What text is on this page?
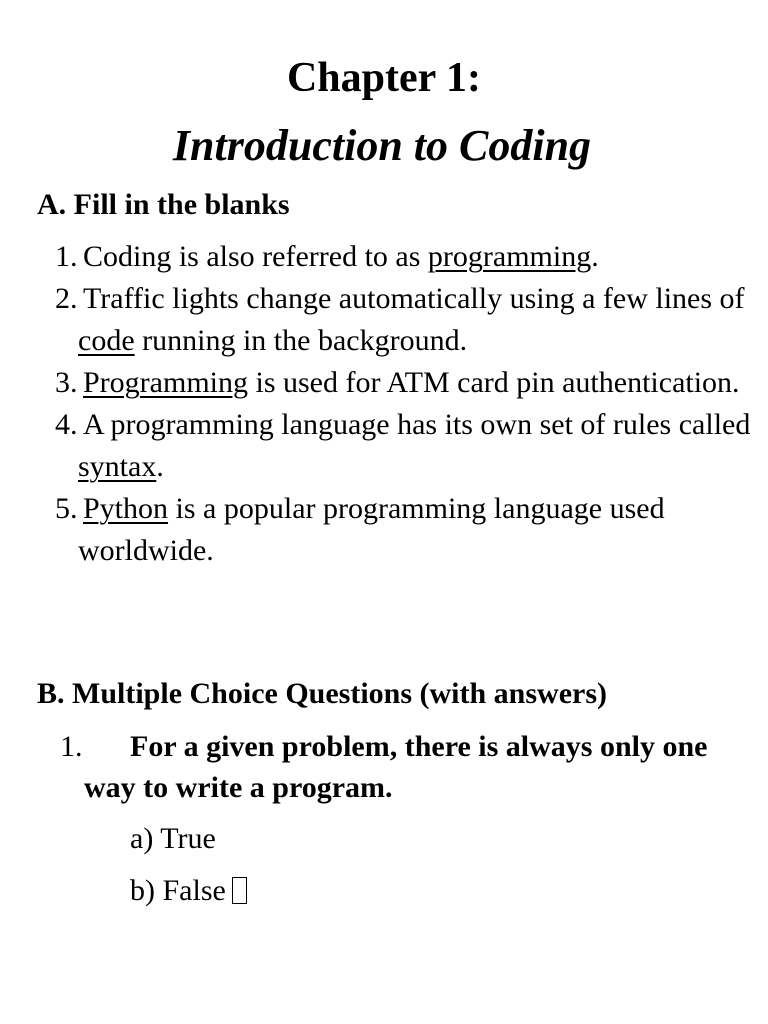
Chapter 1:
Introduction to Coding
A. Fill in the blanks
1. Coding is also referred to as programming.
2. Traffic lights change automatically using a few lines of code running in the background.
3. Programming is used for ATM card pin authentication.
4. A programming language has its own set of rules called syntax.
5. Python is a popular programming language used worldwide.
B. Multiple Choice Questions (with answers)
1.	For a given problem, there is always only one way to write a program.

a) True
b) False
